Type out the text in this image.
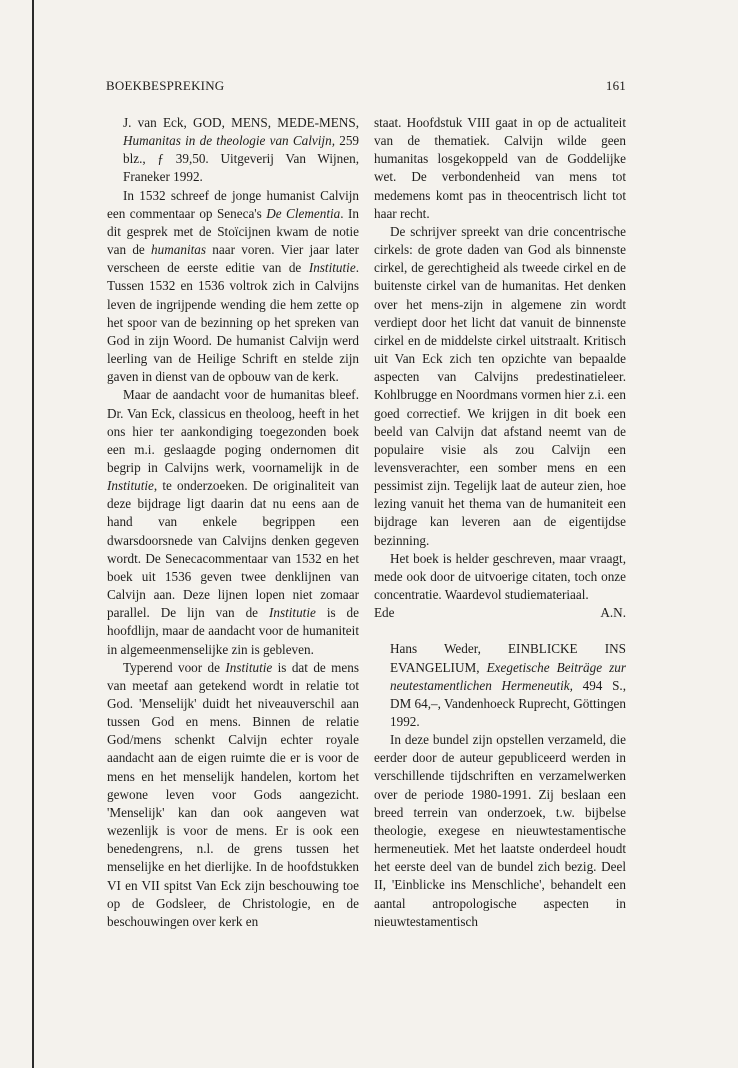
BOEKBESPREKING	161

J. van Eck, GOD, MENS, MEDE-MENS, Humanitas in de theologie van Calvijn, 259 blz., ƒ 39,50. Uitgeverij Van Wijnen, Franeker 1992.

In 1532 schreef de jonge humanist Calvijn een commentaar op Seneca's De Clementia. In dit gesprek met de Stoïcijnen kwam de notie van de humanitas naar voren. Vier jaar later verscheen de eerste editie van de Institutie. Tussen 1532 en 1536 voltrok zich in Calvijns leven de ingrijpende wending die hem zette op het spoor van de bezinning op het spreken van God in zijn Woord. De humanist Calvijn werd leerling van de Heilige Schrift en stelde zijn gaven in dienst van de opbouw van de kerk.

Maar de aandacht voor de humanitas bleef. Dr. Van Eck, classicus en theoloog, heeft in het ons hier ter aankondiging toegezonden boek een m.i. geslaagde poging ondernomen dit begrip in Calvijns werk, voornamelijk in de Institutie, te onderzoeken. De originaliteit van deze bijdrage ligt daarin dat nu eens aan de hand van enkele begrippen een dwarsdoorsnede van Calvijns denken gegeven wordt. De Senecacommentaar van 1532 en het boek uit 1536 geven twee denklijnen van Calvijn aan. Deze lijnen lopen niet zomaar parallel. De lijn van de Institutie is de hoofdlijn, maar de aandacht voor de humaniteit in algemeenmenselijke zin is gebleven.

Typerend voor de Institutie is dat de mens van meetaf aan getekend wordt in relatie tot God. 'Menselijk' duidt het niveauverschil aan tussen God en mens. Binnen de relatie God/mens schenkt Calvijn echter royale aandacht aan de eigen ruimte die er is voor de mens en het menselijk handelen, kortom het gewone leven voor Gods aangezicht. 'Menselijk' kan dan ook aangeven wat wezenlijk is voor de mens. Er is ook een benedengrens, n.l. de grens tussen het menselijke en het dierlijke. In de hoofdstukken VI en VII spitst Van Eck zijn beschouwing toe op de Godsleer, de Christologie, en de beschouwingen over kerk en

staat. Hoofdstuk VIII gaat in op de actualiteit van de thematiek. Calvijn wilde geen humanitas losgekoppeld van de Goddelijke wet. De verbondenheid van mens tot medemens komt pas in theocentrisch licht tot haar recht.

De schrijver spreekt van drie concentrische cirkels: de grote daden van God als binnenste cirkel, de gerechtigheid als tweede cirkel en de buitenste cirkel van de humanitas. Het denken over het mens-zijn in algemene zin wordt verdiept door het licht dat vanuit de binnenste cirkel en de middelste cirkel uitstraalt. Kritisch uit Van Eck zich ten opzichte van bepaalde aspecten van Calvijns predestinatieleer. Kohlbrugge en Noordmans vormen hier z.i. een goed correctief. We krijgen in dit boek een beeld van Calvijn dat afstand neemt van de populaire visie als zou Calvijn een levensverachter, een somber mens en een pessimist zijn. Tegelijk laat de auteur zien, hoe lezing vanuit het thema van de humaniteit een bijdrage kan leveren aan de eigentijdse bezinning.

Het boek is helder geschreven, maar vraagt, mede ook door de uitvoerige citaten, toch onze concentratie. Waardevol studiemateriaal.

Ede	A.N.

Hans Weder, EINBLICKE INS EVANGELIUM, Exegetische Beiträge zur neutestamentlichen Hermeneutik, 494 S., DM 64,–, Vandenhoeck Ruprecht, Göttingen 1992.

In deze bundel zijn opstellen verzameld, die eerder door de auteur gepubliceerd werden in verschillende tijdschriften en verzamelwerken over de periode 1980-1991. Zij beslaan een breed terrein van onderzoek, t.w. bijbelse theologie, exegese en nieuwtestamentische hermeneutiek. Met het laatste onderdeel houdt het eerste deel van de bundel zich bezig. Deel II, 'Einblicke ins Menschliche', behandelt een aantal antropologische aspecten in nieuwtestamentisch
